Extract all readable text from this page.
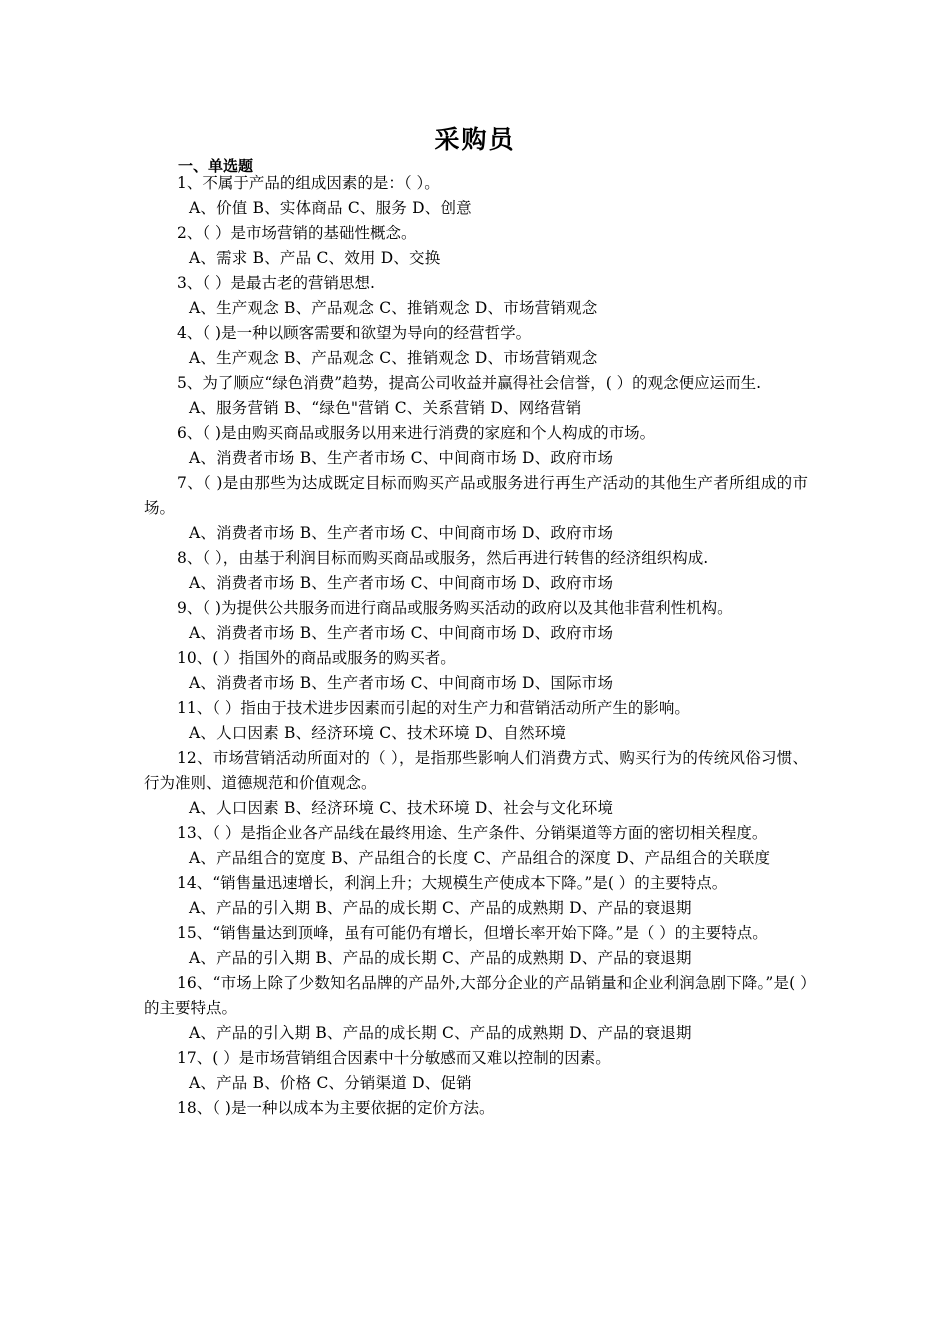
采购员
一、单选题

1、不属于产品的组成因素的是：（ ）。

A、价值 B、实体商品 C、服务 D、创意

2、（ ）是市场营销的基础性概念。

A、需求 B、产品 C、效用 D、交换

3、（ ）是最古老的营销思想.

A、生产观念 B、产品观念 C、推销观念 D、市场营销观念

4、（ )是一种以顾客需要和欲望为导向的经营哲学。

A、生产观念 B、产品观念 C、推销观念 D、市场营销观念

5、为了顺应“绿色消费”趋势，提高公司收益并赢得社会信誉，( ）的观念便应运而生.

A、服务营销 B、“绿色"营销 C、关系营销 D、网络营销

6、（ )是由购买商品或服务以用来进行消费的家庭和个人构成的市场。

A、消费者市场 B、生产者市场 C、中间商市场 D、政府市场

7、（ )是由那些为达成既定目标而购买产品或服务进行再生产活动的其他生产者所组成的市场。

A、消费者市场 B、生产者市场 C、中间商市场 D、政府市场

8、（ ），由基于利润目标而购买商品或服务，然后再进行转售的经济组织构成.

A、消费者市场 B、生产者市场 C、中间商市场 D、政府市场

9、（ )为提供公共服务而进行商品或服务购买活动的政府以及其他非营利性机构。

A、消费者市场 B、生产者市场 C、中间商市场 D、政府市场

10、( ）指国外的商品或服务的购买者。

A、消费者市场 B、生产者市场 C、中间商市场 D、国际市场

11、（ ）指由于技术进步因素而引起的对生产力和营销活动所产生的影响。

A、人口因素 B、经济环境 C、技术环境 D、自然环境

12、市场营销活动所面对的（ ），是指那些影响人们消费方式、购买行为的传统风俗习惯、行为准则、道德规范和价值观念。

A、人口因素 B、经济环境 C、技术环境 D、社会与文化环境

13、（ ）是指企业各产品线在最终用途、生产条件、分销渠道等方面的密切相关程度。

A、产品组合的宽度 B、产品组合的长度 C、产品组合的深度 D、产品组合的关联度

14、“销售量迅速增长，利润上升；大规模生产使成本下降。”是( ）的主要特点。

A、产品的引入期 B、产品的成长期 C、产品的成熟期 D、产品的衰退期

15、“销售量达到顶峰，虽有可能仍有增长，但增长率开始下降。”是（ ）的主要特点。

A、产品的引入期 B、产品的成长期 C、产品的成熟期 D、产品的衰退期

16、“市场上除了少数知名品牌的产品外,大部分企业的产品销量和企业利润急剧下降。”是( ）的主要特点。

A、产品的引入期 B、产品的成长期 C、产品的成熟期 D、产品的衰退期

17、( ）是市场营销组合因素中十分敏感而又难以控制的因素。

A、产品 B、价格 C、分销渠道 D、促销

18、（ )是一种以成本为主要依据的定价方法。
